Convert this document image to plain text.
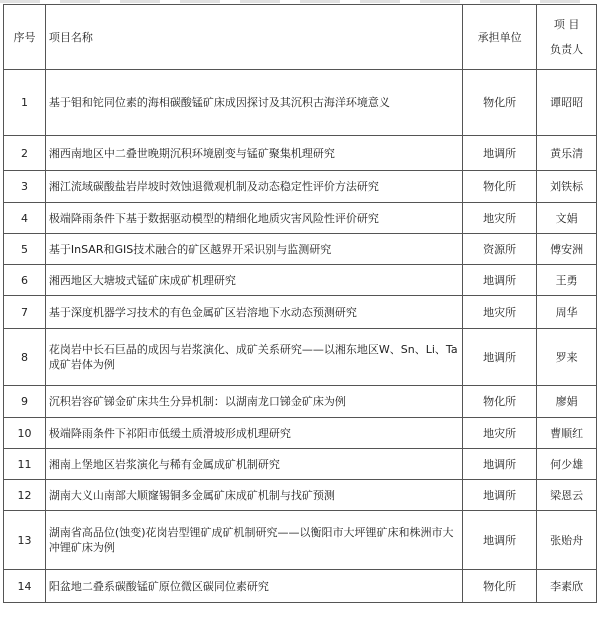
序号	项目名称	承担单位	项 目
负责人

1	基于钼和铊同位素的海相碳酸锰矿床成因探讨及其沉积古海洋环境意义	物化所	谭昭昭
2	湘西南地区中二叠世晚期沉积环境剧变与锰矿聚集机理研究	地调所	黄乐清
3	湘江流域碳酸盐岩岸坡时效蚀退微观机制及动态稳定性评价方法研究	物化所	刘铁标
4	极端降雨条件下基于数据驱动模型的精细化地质灾害风险性评价研究	地灾所	文娟
5	基于InSAR和GIS技术融合的矿区越界开采识别与监测研究	资源所	傅安洲
6	湘西地区大塘坡式锰矿床成矿机理研究	地调所	王勇
7	基于深度机器学习技术的有色金属矿区岩溶地下水动态预测研究	地灾所	周华
8	花岗岩中长石巨晶的成因与岩浆演化、成矿关系研究——以湘东地区W、Sn、Li、Ta成矿岩体为例	地调所	罗来
9	沉积岩容矿锑金矿床共生分异机制：以湖南龙口锑金矿床为例	物化所	廖娟
10	极端降雨条件下祁阳市低缓土质滑坡形成机理研究	地灾所	曹顺红
11	湘南上堡地区岩浆演化与稀有金属成矿机制研究	地调所	何少雄
12	湖南大义山南部大顺窿锡铜多金属矿床成矿机制与找矿预测	地调所	梁恩云
13	湖南省高品位(蚀变)花岗岩型锂矿成矿机制研究——以衡阳市大坪锂矿床和株洲市大冲锂矿床为例	地调所	张贻舟
14	阳盆地二叠系碳酸锰矿原位微区碳同位素研究	物化所	李素欣
